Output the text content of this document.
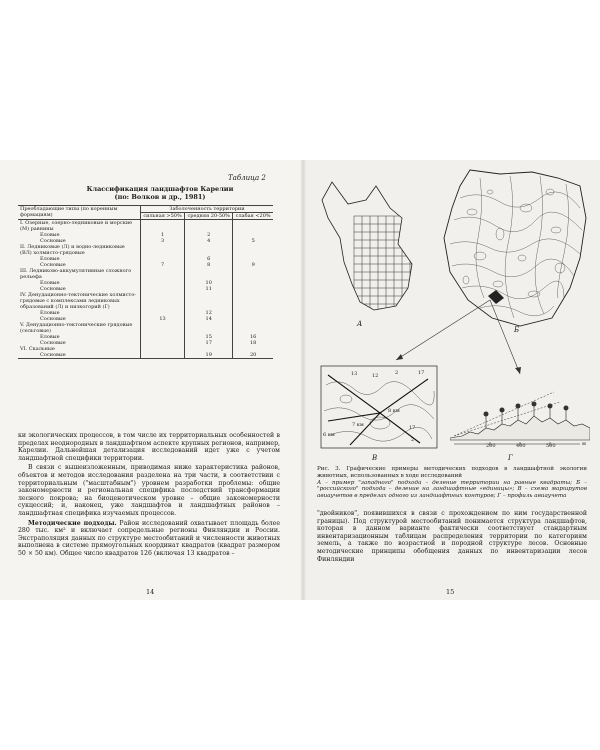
Таблица 2
Классификация ландшафтов Карелии
(по: Волков и др., 1981)
Преобладающие типы (по коренным формациям)	Заболоченность территории		
	сильная >50%	средняя 20-50%	слабая <20%
I. Озерные, озерно-ледниковые и морские (М) равнины			
Еловые	1	2	
Сосновые	3	4	5
II. Ледниковые (Л) и водно-ледниковые (ВЛ) холмисто-грядовые			
Еловые		6	
Сосновые	7	8	9
III. Ледниково-аккумулятивные сложного рельефа			
Еловые		10	
Сосновые		11	
IV. Денудационно-тектонические холмисто-грядовые с комплексами ледниковых образований (Л) и низкогорий (Г)			
Еловые		12	
Сосновые	13	14	
V. Денудационно-тектонические грядовые (сельговые)			
Еловые		15	16
Сосновые		17	18
VI. Скальные			
Сосновые		19	20

ки экологических процессов, в том числе их территориальных особенностей в пределах неоднородных в ландшафтном аспекте крупных регионов, например, Карелии. Дальнейшая детализация исследований идет уже с учетом ландшафтной специфики территории.

В связи с вышеизложенным, приводимая ниже характеристика районов, объектов и методов исследования разделена на три части, в соответствии с территориальным ("масштабным") уровнем разработки проблемы: общие закономерности и региональная специфика последствий трансформации лесного покрова; на биоценотическом уровне – общие закономерности сукцессий; и, наконец, уже ландшафтов и ландшафтных районов – ландшафтная специфика изучаемых процессов.

Методические подходы. Район исследований охватывает площадь более 280 тыс. км² и включает сопредельные регионы Финляндии и России. Экстраполяция данных по структуре местообитаний и численности животных выполнена в системе прямоугольных координат квадратов (квадрат размером 50 × 50 км). Общее число квадратов 126 (включая 13 квадратов –

14
А
Б
13	12	2	17
8 км
7 км	17
2
6 км
В
200	400	500	м
Г
Рис. 3. Графические примеры методических подходов в ландшафтной экологии животных, использованных в ходе исследований
А – пример "западного" подхода – деление территории на равные квадраты; Б – "российского" подхода – деление на ландшафтные «единицы»; В – схема маршрутов авиаучетов в пределах одного из ландшафтных контуров; Г – профиль авиаучета

"двойников", появившихся в связи с прохождением по ним государственной границы). Под структурой местообитаний понимается структура ландшафтов, которая в данном варианте фактически соответствует стандартным инвентаризационным таблицам распределения территории по категориям земель, а также по возрастной и породной структуре лесов. Основные методические принципы обобщения данных по инвентаризации лесов Финляндии

15
